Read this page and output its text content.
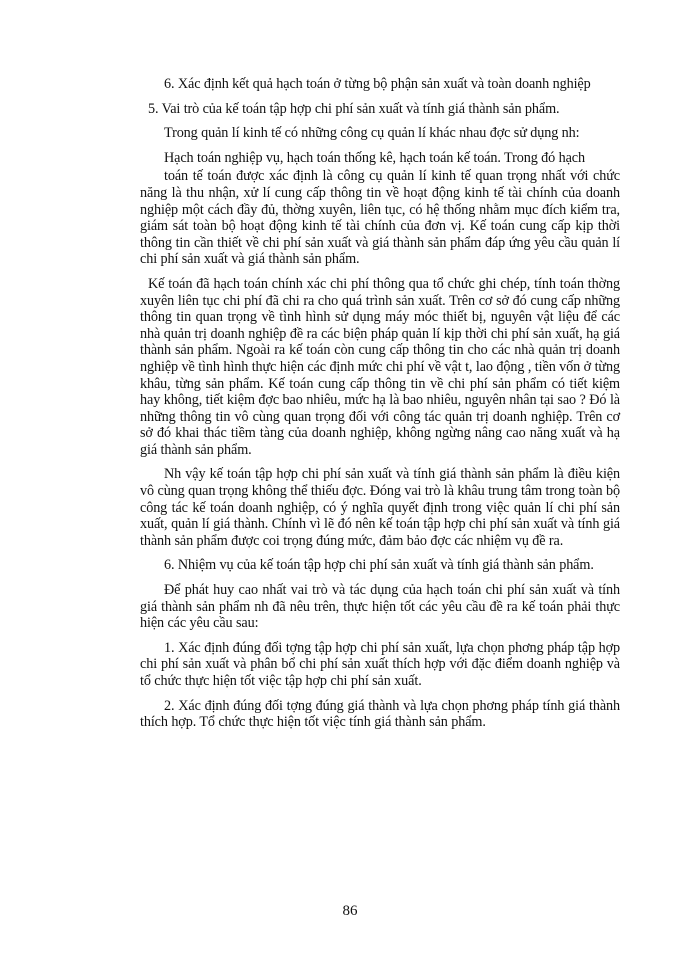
6. Xác định kết quả hạch toán ở từng bộ phận sản xuất và toàn doanh nghiệp

5. Vai trò của kế toán tập hợp chi phí sản xuất và tính giá thành sản phẩm.

Trong quản lí kinh tế có những công cụ quản lí khác nhau đợc sử dụng nh:

Hạch toán nghiệp vụ, hạch toán thống kê, hạch toán kế toán. Trong đó hạch

toán tế toán được xác định là công cụ quản lí kinh tế quan trọng nhất với chức năng là thu nhận, xử lí cung cấp thông tin về hoạt động kinh tế tài chính của doanh nghiệp một cách đầy đủ, thờng xuyên, liên tục, có hệ thống nhằm mục đích kiểm tra, giám sát toàn bộ hoạt động kinh tế tài chính của đơn vị. Kế toán cung cấp kịp thời thông tin cần thiết về chi phí sản xuất và giá thành sản phẩm đáp ứng yêu cầu quản lí chi phí sản xuất và giá thành sản phẩm.

Kế toán đã hạch toán chính xác chi phí thông qua tổ chức ghi chép, tính toán thờng xuyên liên tục chi phí đã chi ra cho quá trình sản xuất. Trên cơ sở đó cung cấp những thông tin quan trọng về tình hình sử dụng máy móc thiết bị, nguyên vật liệu để các nhà quản trị doanh nghiệp đề ra các biện pháp quản lí kịp thời chi phí sản xuất, hạ giá thành sản phẩm. Ngoài ra kế toán còn cung cấp thông tin cho các nhà quản trị doanh nghiệp về tình hình thực hiện các định mức chi phí về vật t, lao động , tiền vốn ở từng khâu, từng sản phẩm. Kế toán cung cấp thông tin về chi phí sản phẩm có tiết kiệm hay không, tiết kiệm đợc bao nhiêu, mức hạ là bao nhiêu, nguyên nhân tại sao ? Đó là những thông tin vô cùng quan trọng đối với công tác quản trị doanh nghiệp. Trên cơ sở đó khai thác tiềm tàng của doanh nghiệp, không ngừng nâng cao năng xuất và hạ giá thành sản phẩm.

Nh vậy kế toán tập hợp chi phí sản xuất và tính giá thành sản phẩm là điều kiện vô cùng quan trọng không thể thiếu đợc. Đóng vai trò là khâu trung tâm trong toàn bộ công tác kế toán doanh nghiệp, có ý nghĩa quyết định trong việc quản lí chi phí sản xuất, quản lí giá thành. Chính vì lẽ đó nên kế toán tập hợp chi phí sản xuất và tính giá thành sản phẩm được coi trọng đúng mức, đảm bảo đợc các nhiệm vụ đề ra.

6. Nhiệm vụ của kế toán tập hợp chi phí sản xuất và tính giá thành sản phẩm.

Để phát huy cao nhất vai trò và tác dụng của hạch toán chi phí sản xuất và tính giá thành sản phẩm nh đã nêu trên, thực hiện tốt các yêu cầu đề ra kế toán phải thực hiện các yêu cầu sau:

1. Xác định đúng đối tợng tập hợp chi phí sản xuất, lựa chọn phơng pháp tập hợp chi phí sản xuất và phân bổ chi phí sản xuất thích hợp với đặc điểm doanh nghiệp và tổ chức thực hiện tốt việc tập hợp chi phí sản xuất.

2. Xác định đúng đối tợng đúng giá thành và lựa chọn phơng pháp tính giá thành thích hợp. Tổ chức thực hiện tốt việc tính giá thành sản phẩm.

86
